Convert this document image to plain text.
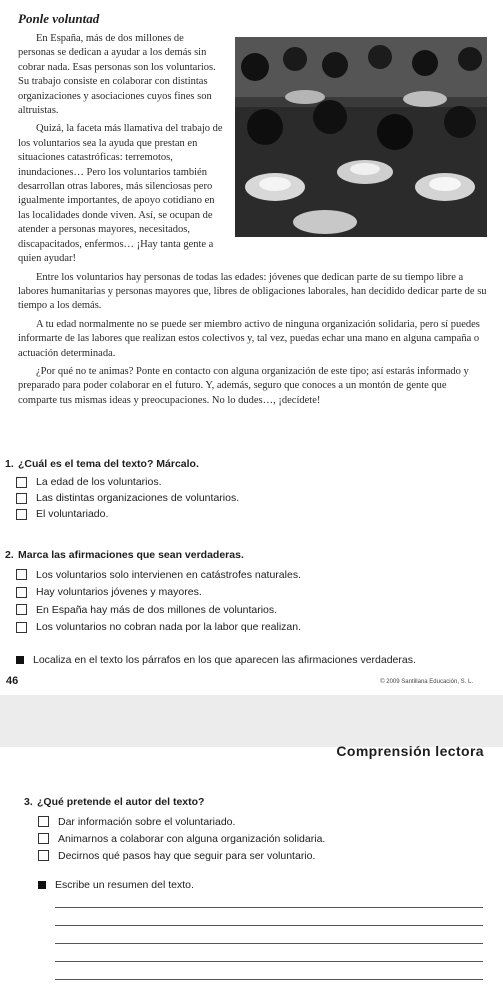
Ponle voluntad

En España, más de dos millones de personas se dedican a ayudar a los demás sin cobrar nada. Esas personas son los voluntarios. Su trabajo consiste en colaborar con distintas organizaciones y asociaciones cuyos fines son altruistas.

Quizá, la faceta más llamativa del trabajo de los voluntarios sea la ayuda que prestan en situaciones catastróficas: terremotos, inundaciones… Pero los voluntarios también desarrollan otras labores, más silenciosas pero igualmente importantes, de apoyo cotidiano en las localidades donde viven. Así, se ocupan de atender a personas mayores, necesitados, discapacitados, enfermos… ¡Hay tanta gente a quien ayudar!

Entre los voluntarios hay personas de todas las edades: jóvenes que dedican parte de su tiempo libre a labores humanitarias y personas mayores que, libres de obligaciones laborales, han decidido dedicar parte de su tiempo a los demás.

A tu edad normalmente no se puede ser miembro activo de ninguna organización solidaria, pero sí puedes informarte de las labores que realizan estos colectivos y, tal vez, puedas echar una mano en alguna campaña o actuación determinada.

¿Por qué no te animas? Ponte en contacto con alguna organización de este tipo; así estarás informado y preparado para poder colaborar en el futuro. Y, además, seguro que conoces a un montón de gente que comparte tus mismas ideas y preocupaciones. No lo dudes…, ¡decídete!

1. ¿Cuál es el tema del texto? Márcalo.
La edad de los voluntarios.
Las distintas organizaciones de voluntarios.
El voluntariado.
2. Marca las afirmaciones que sean verdaderas.
Los voluntarios solo intervienen en catástrofes naturales.
Hay voluntarios jóvenes y mayores.
En España hay más de dos millones de voluntarios.
Los voluntarios no cobran nada por la labor que realizan.
Localiza en el texto los párrafos en los que aparecen las afirmaciones verdaderas.
46	© 2009 Santillana Educación, S. L.
Comprensión lectora
3. ¿Qué pretende el autor del texto?
Dar información sobre el voluntariado.
Animarnos a colaborar con alguna organización solidaria.
Decirnos qué pasos hay que seguir para ser voluntario.
Escribe un resumen del texto.
